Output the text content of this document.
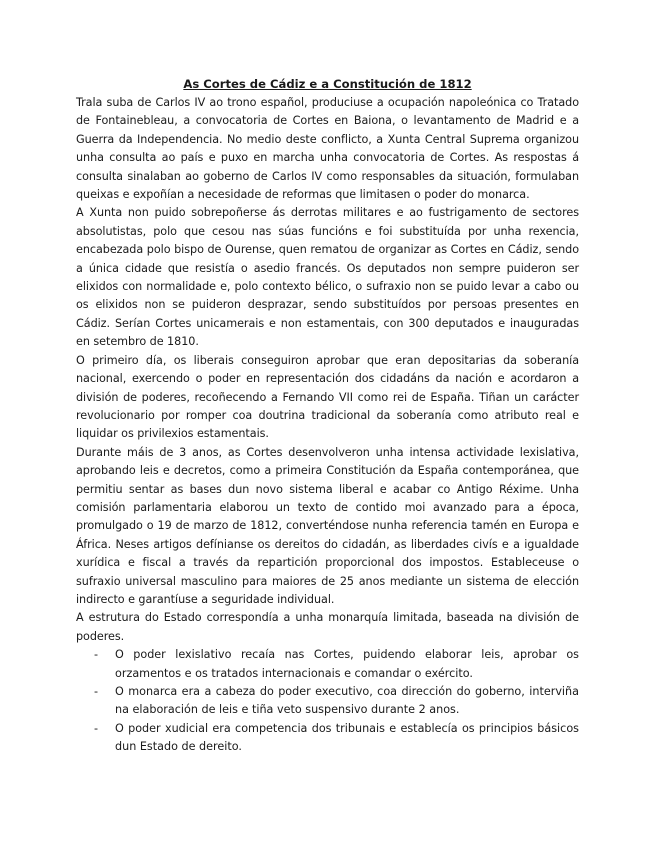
As Cortes de Cádiz e a Constitución de 1812

Trala suba de Carlos IV ao trono español, produciuse a ocupación napoleónica co Tratado de Fontainebleau, a convocatoria de Cortes en Baiona, o levantamento de Madrid e a Guerra da Independencia. No medio deste conflicto, a Xunta Central Suprema organizou unha consulta ao país e puxo en marcha unha convocatoria de Cortes. As respostas á consulta sinalaban ao goberno de Carlos IV como responsables da situación, formulaban queixas e expoñían a necesidade de reformas que limitasen o poder do monarca.

A Xunta non puido sobrepoñerse ás derrotas militares e ao fustrigamento de sectores absolutistas, polo que cesou nas súas funcións e foi substituída por unha rexencia, encabezada polo bispo de Ourense, quen rematou de organizar as Cortes en Cádiz, sendo a única cidade que resistía o asedio francés. Os deputados non sempre puideron ser elixidos con normalidade e, polo contexto bélico, o sufraxio non se puido levar a cabo ou os elixidos non se puideron desprazar, sendo substituídos por persoas presentes en Cádiz. Serían Cortes unicamerais e non estamentais, con 300 deputados e inauguradas en setembro de 1810.

O primeiro día, os liberais conseguiron aprobar que eran depositarias da soberanía nacional, exercendo o poder en representación dos cidadáns da nación e acordaron a división de poderes, recoñecendo a Fernando VII como rei de España. Tiñan un carácter revolucionario por romper coa doutrina tradicional da soberanía como atributo real e liquidar os privilexios estamentais.

Durante máis de 3 anos, as Cortes desenvolveron unha intensa actividade lexislativa, aprobando leis e decretos, como a primeira Constitución da España contemporánea, que permitiu sentar as bases dun novo sistema liberal e acabar co Antigo Réxime. Unha comisión parlamentaria elaborou un texto de contido moi avanzado para a época, promulgado o 19 de marzo de 1812, converténdose nunha referencia tamén en Europa e África. Neses artigos defínianse os dereitos do cidadán, as liberdades civís e a igualdade xurídica e fiscal a través da repartición proporcional dos impostos. Estableceuse o sufraxio universal masculino para maiores de 25 anos mediante un sistema de elección indirecto e garantíuse a seguridade individual.

A estrutura do Estado correspondía a unha monarquía limitada, baseada na división de poderes.

- O poder lexislativo recaía nas Cortes, puidendo elaborar leis, aprobar os orzamentos e os tratados internacionais e comandar o exército.
- O monarca era a cabeza do poder executivo, coa dirección do goberno, interviña na elaboración de leis e tiña veto suspensivo durante 2 anos.
- O poder xudicial era competencia dos tribunais e establecía os principios básicos dun Estado de dereito.
